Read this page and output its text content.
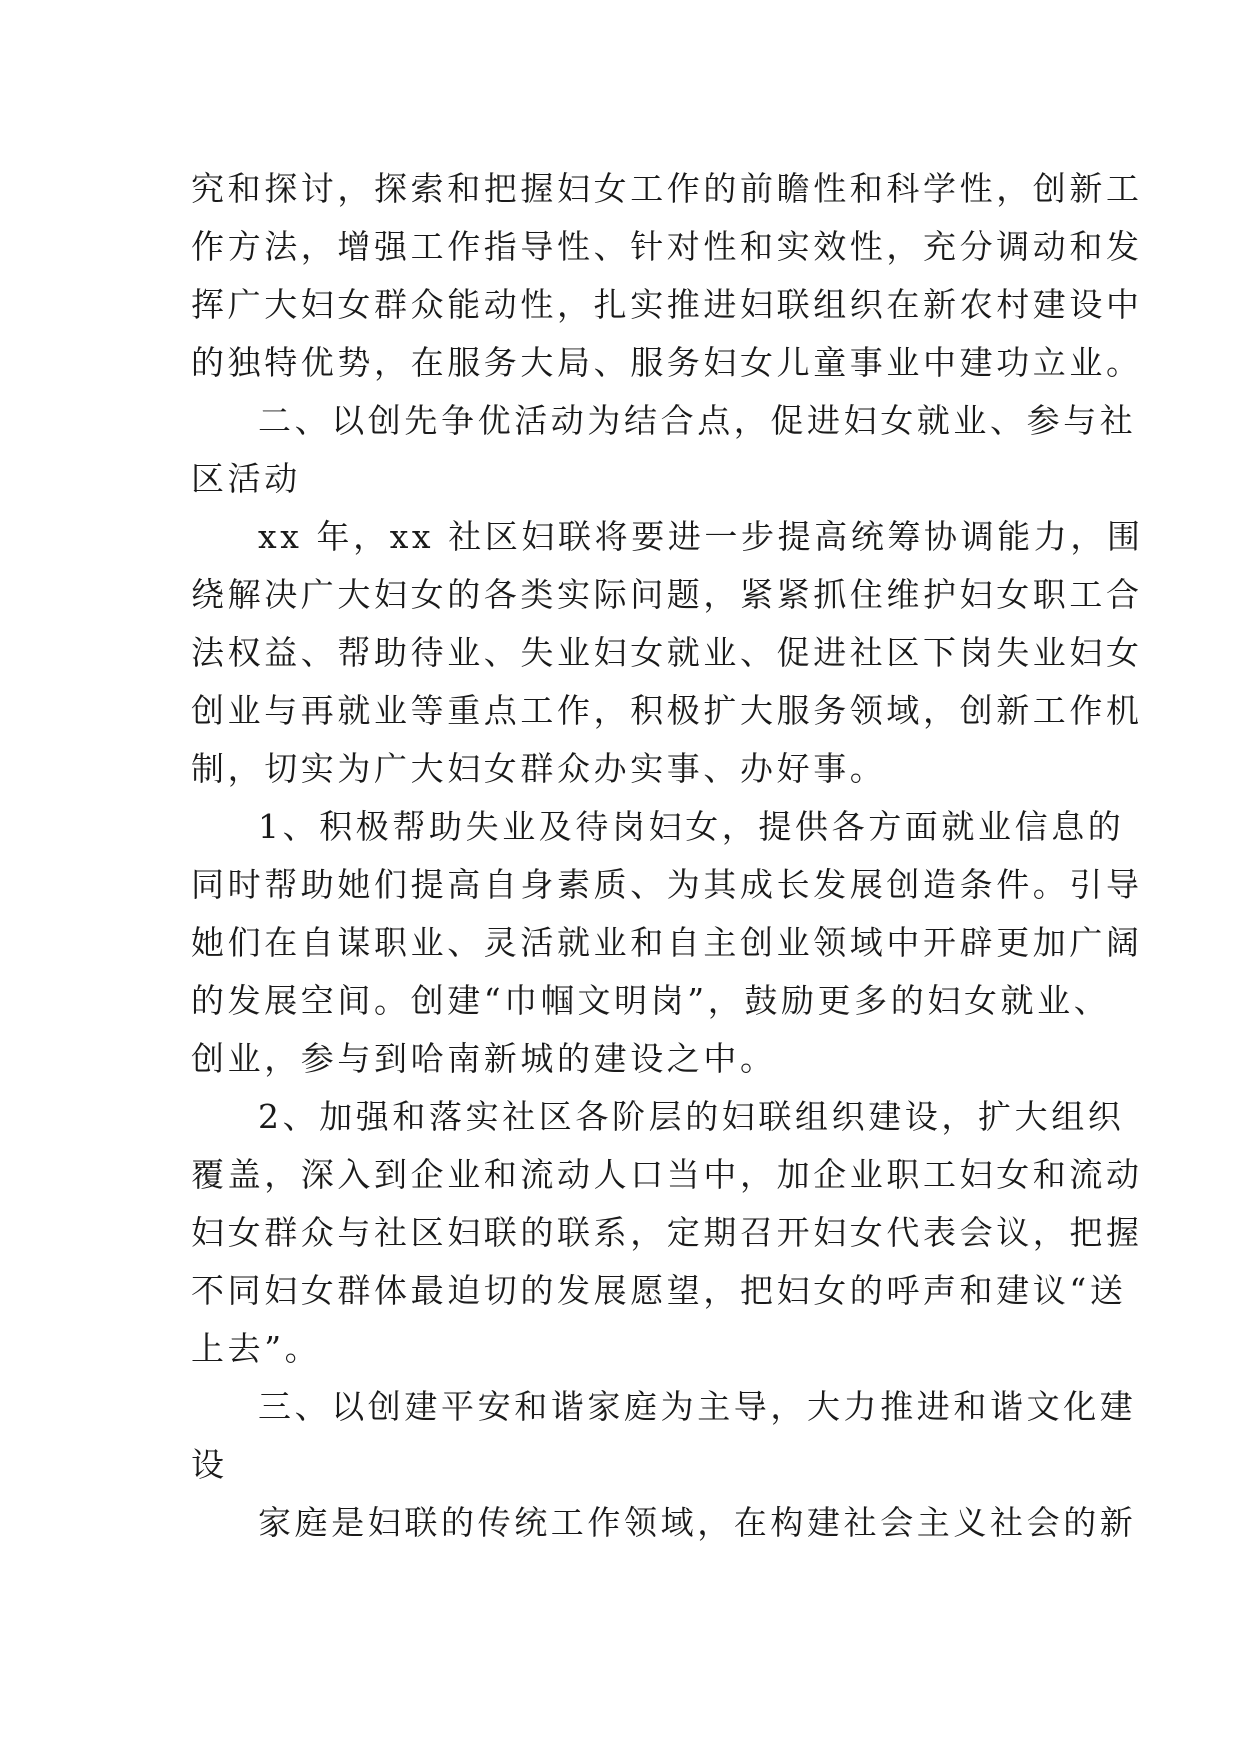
究和探讨，探索和把握妇女工作的前瞻性和科学性，创新工
作方法，增强工作指导性、针对性和实效性，充分调动和发
挥广大妇女群众能动性，扎实推进妇联组织在新农村建设中
的独特优势，在服务大局、服务妇女儿童事业中建功立业。
二、以创先争优活动为结合点，促进妇女就业、参与社
区活动
xx 年，xx 社区妇联将要进一步提高统筹协调能力，围
绕解决广大妇女的各类实际问题，紧紧抓住维护妇女职工合
法权益、帮助待业、失业妇女就业、促进社区下岗失业妇女
创业与再就业等重点工作，积极扩大服务领域，创新工作机
制，切实为广大妇女群众办实事、办好事。
1、积极帮助失业及待岗妇女，提供各方面就业信息的
同时帮助她们提高自身素质、为其成长发展创造条件。引导
她们在自谋职业、灵活就业和自主创业领域中开辟更加广阔
的发展空间。创建“巾帼文明岗”，鼓励更多的妇女就业、
创业，参与到哈南新城的建设之中。
2、加强和落实社区各阶层的妇联组织建设，扩大组织
覆盖，深入到企业和流动人口当中，加企业职工妇女和流动
妇女群众与社区妇联的联系，定期召开妇女代表会议，把握
不同妇女群体最迫切的发展愿望，把妇女的呼声和建议“送
上去”。
三、以创建平安和谐家庭为主导，大力推进和谐文化建
设
家庭是妇联的传统工作领域，在构建社会主义社会的新
